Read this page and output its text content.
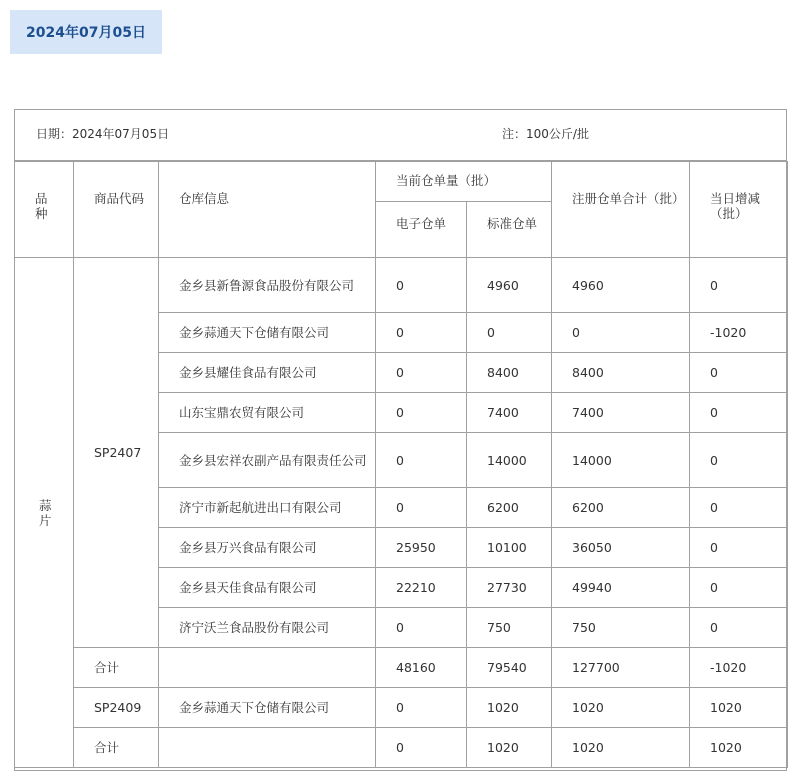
2024年07月05日
日期：2024年07月05日	注：100公斤/批
品种	商品代码	仓库信息	当前仓单量（批）		注册仓单合计（批）	当日增减（批）
			电子仓单	标准仓单		

蒜片	SP2407	金乡县新鲁源食品股份有限公司	0	4960	4960	0
		金乡蒜通天下仓储有限公司	0	0	0	-1020
		金乡县耀佳食品有限公司	0	8400	8400	0
		山东宝鼎农贸有限公司	0	7400	7400	0
		金乡县宏祥农副产品有限责任公司	0	14000	14000	0
		济宁市新起航进出口有限公司	0	6200	6200	0
		金乡县万兴食品有限公司	25950	10100	36050	0
		金乡县天佳食品有限公司	22210	27730	49940	0
		济宁沃兰食品股份有限公司	0	750	750	0
	合计		48160	79540	127700	-1020
	SP2409	金乡蒜通天下仓储有限公司	0	1020	1020	1020
	合计		0	1020	1020	1020
